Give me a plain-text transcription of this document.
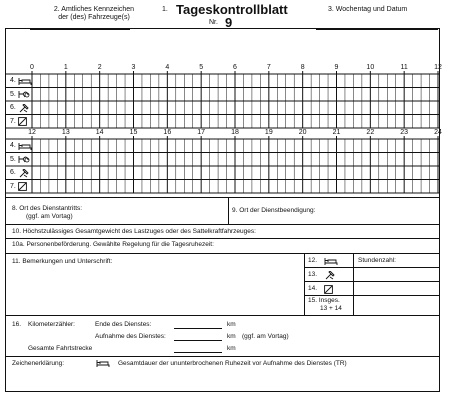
2. Amtliches Kennzeichen
der (des) Fahrzeuge(s)
1. Tageskontrollblatt
Nr. 9
3. Wochentag und Datum
0	1	2	3	4	5	6	7	8	9	10	11	12
4.
5.
6.
7.
12	13	14	15	16	17	18	19	20	21	22	23	24
4.
5.
6.
7.
8. Ort des Dienstantritts:
(ggf. am Vortag)
9. Ort der Dienstbeendigung:
10. Höchstzulässiges Gesamtgewicht des Lastzuges oder des Sattelkraftfahrzeuges:
10a. Personenbeförderung. Gewählte Regelung für die Tagesruhezeit:
11. Bemerkungen und Unterschrift:	Stundenzahl:
12.
13.
14.
15. Insges.
13 + 14
16. Kilometerzähler:	Ende des Dienstes:	km
Aufnahme des Dienstes:	km (ggf. am Vortag)
Gesamte Fahrtstrecke	km
Zeichenerklärung:	Gesamtdauer der ununterbrochenen Ruhezeit vor Aufnahme des Dienstes (TR)
